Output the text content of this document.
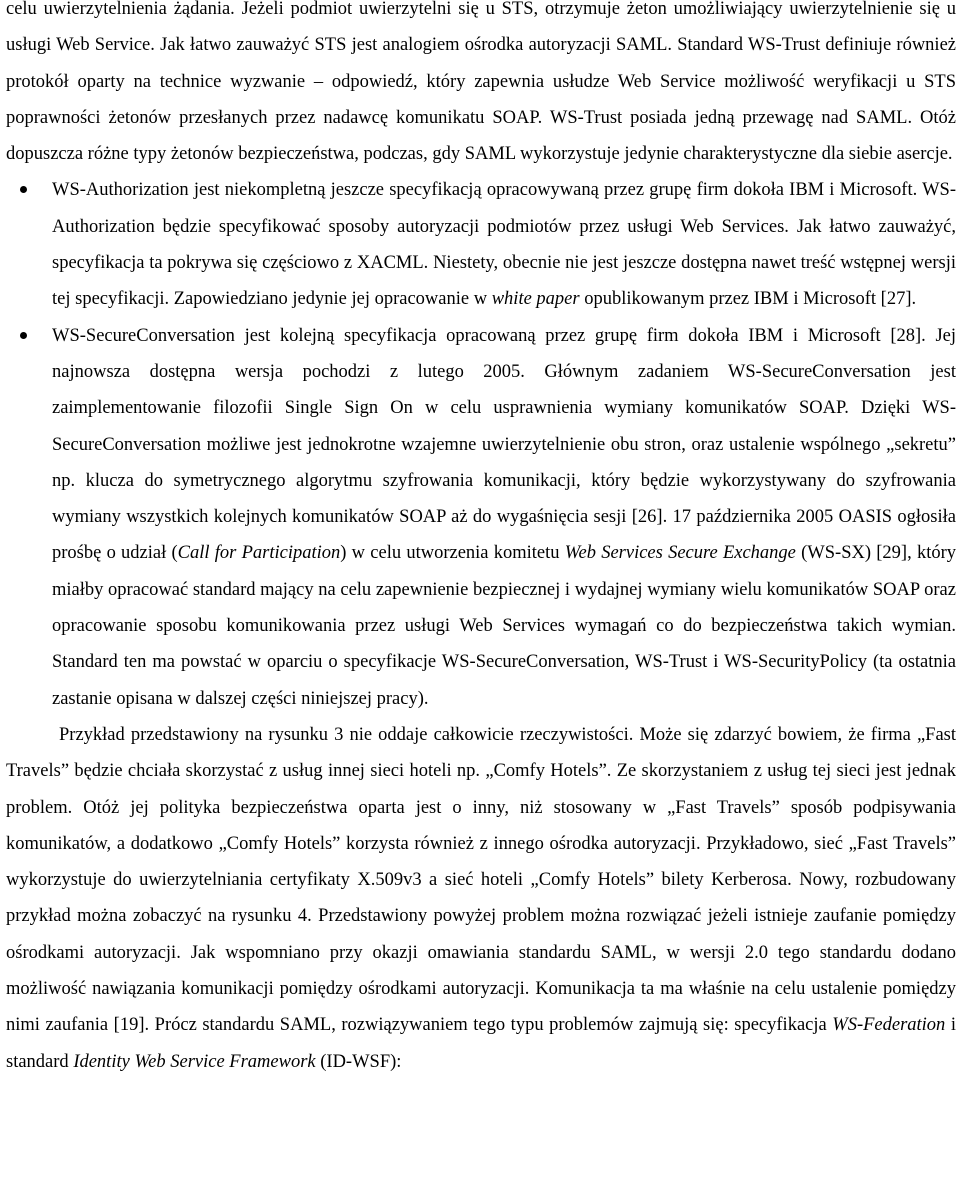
celu uwierzytelnienia żądania. Jeżeli podmiot uwierzytelni się u STS, otrzymuje żeton umożliwiający uwierzytelnienie się u usługi Web Service. Jak łatwo zauważyć STS jest analogiem ośrodka autoryzacji SAML. Standard WS-Trust definiuje również protokół oparty na technice wyzwanie – odpowiedź, który zapewnia usłudze Web Service możliwość weryfikacji u STS poprawności żetonów przesłanych przez nadawcę komunikatu SOAP. WS-Trust posiada jedną przewagę nad SAML. Otóż dopuszcza różne typy żetonów bezpieczeństwa, podczas, gdy SAML wykorzystuje jedynie charakterystyczne dla siebie asercje.

WS-Authorization jest niekompletną jeszcze specyfikacją opracowywaną przez grupę firm dokoła IBM i Microsoft. WS-Authorization będzie specyfikować sposoby autoryzacji podmiotów przez usługi Web Services. Jak łatwo zauważyć, specyfikacja ta pokrywa się częściowo z XACML. Niestety, obecnie nie jest jeszcze dostępna nawet treść wstępnej wersji tej specyfikacji. Zapowiedziano jedynie jej opracowanie w white paper opublikowanym przez IBM i Microsoft [27].
WS-SecureConversation jest kolejną specyfikacja opracowaną przez grupę firm dokoła IBM i Microsoft [28]. Jej najnowsza dostępna wersja pochodzi z lutego 2005. Głównym zadaniem WS-SecureConversation jest zaimplementowanie filozofii Single Sign On w celu usprawnienia wymiany komunikatów SOAP. Dzięki WS-SecureConversation możliwe jest jednokrotne wzajemne uwierzytelnienie obu stron, oraz ustalenie wspólnego „sekretu” np. klucza do symetrycznego algorytmu szyfrowania komunikacji, który będzie wykorzystywany do szyfrowania wymiany wszystkich kolejnych komunikatów SOAP aż do wygaśnięcia sesji [26]. 17 października 2005 OASIS ogłosiła prośbę o udział (Call for Participation) w celu utworzenia komitetu Web Services Secure Exchange (WS-SX) [29], który miałby opracować standard mający na celu zapewnienie bezpiecznej i wydajnej wymiany wielu komunikatów SOAP oraz opracowanie sposobu komunikowania przez usługi Web Services wymagań co do bezpieczeństwa takich wymian. Standard ten ma powstać w oparciu o specyfikacje WS-SecureConversation, WS-Trust i WS-SecurityPolicy (ta ostatnia zastanie opisana w dalszej części niniejszej pracy).

Przykład przedstawiony na rysunku 3 nie oddaje całkowicie rzeczywistości. Może się zdarzyć bowiem, że firma „Fast Travels” będzie chciała skorzystać z usług innej sieci hoteli np. „Comfy Hotels”. Ze skorzystaniem z usług tej sieci jest jednak problem. Otóż jej polityka bezpieczeństwa oparta jest o inny, niż stosowany w „Fast Travels” sposób podpisywania komunikatów, a dodatkowo „Comfy Hotels” korzysta również z innego ośrodka autoryzacji. Przykładowo, sieć „Fast Travels” wykorzystuje do uwierzytelniania certyfikaty X.509v3 a sieć hoteli „Comfy Hotels” bilety Kerberosa. Nowy, rozbudowany przykład można zobaczyć na rysunku 4. Przedstawiony powyżej problem można rozwiązać jeżeli istnieje zaufanie pomiędzy ośrodkami autoryzacji. Jak wspomniano przy okazji omawiania standardu SAML, w wersji 2.0 tego standardu dodano możliwość nawiązania komunikacji pomiędzy ośrodkami autoryzacji. Komunikacja ta ma właśnie na celu ustalenie pomiędzy nimi zaufania [19]. Prócz standardu SAML, rozwiązywaniem tego typu problemów zajmują się: specyfikacja WS-Federation i standard Identity Web Service Framework (ID-WSF):
